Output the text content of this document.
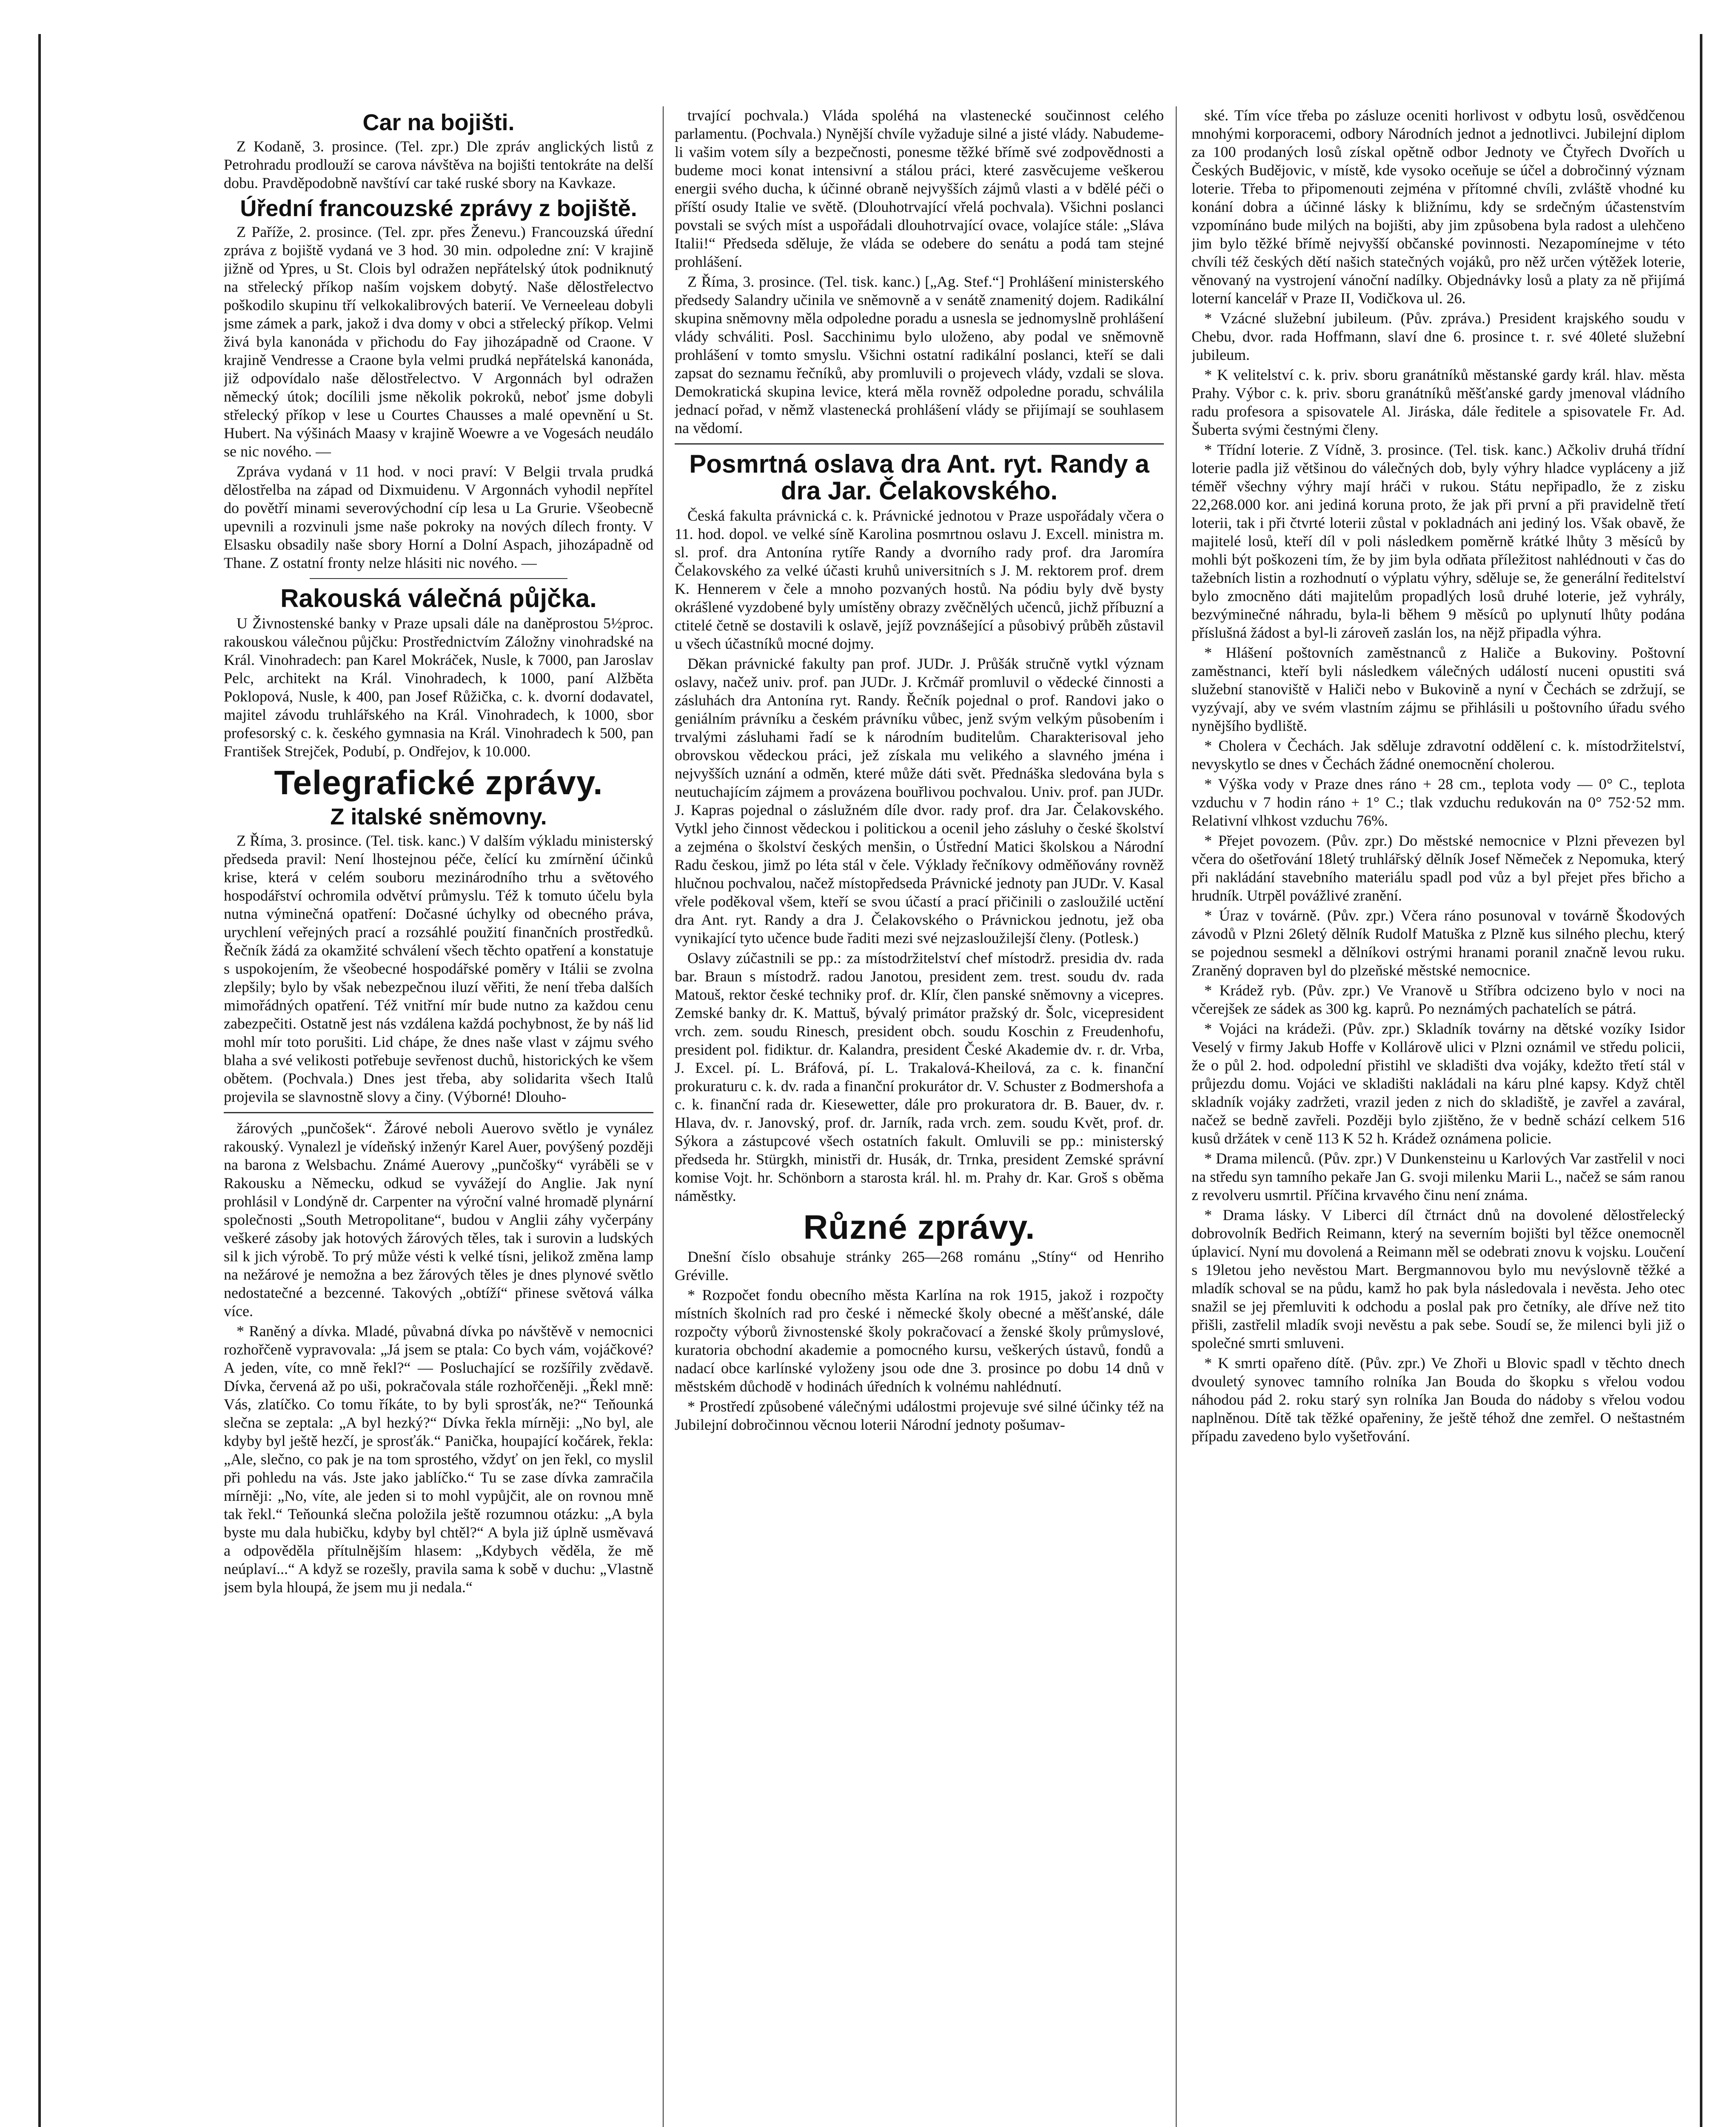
Car na bojišti.

Z Kodaně, 3. prosince. (Tel. zpr.) Dle zpráv anglických listů z Petrohradu prodlouží se carova návštěva na bojišti tentokráte na delší dobu. Pravděpodobně navštíví car také ruské sbory na Kavkaze.

Úřední francouzské zprávy z bojiště.

Z Paříže, 2. prosince. (Tel. zpr. přes Ženevu.) Francouzská úřední zpráva z bojiště vydaná ve 3 hod. 30 min. odpoledne zní: V krajině jižně od Ypres, u St. Clois byl odražen nepřátelský útok podniknutý na střelecký příkop naším vojskem dobytý. Naše dělostřelectvo poškodilo skupinu tří velkokalibrových baterií. Ve Verneeleau dobyli jsme zámek a park, jakož i dva domy v obci a střelecký příkop. Velmi živá byla kanonáda v přichodu do Fay jihozápadně od Craone. V krajině Vendresse a Craone byla velmi prudká nepřátelská kanonáda, již odpovídalo naše dělostřelectvo. V Argonnách byl odražen německý útok; docílili jsme několik pokroků, neboť jsme dobyli střelecký příkop v lese u Courtes Chausses a malé opevnění u St. Hubert. Na výšinách Maasy v krajině Woewre a ve Vogesách neudálo se nic nového. —

Zpráva vydaná v 11 hod. v noci praví: V Belgii trvala prudká dělostřelba na západ od Dixmuidenu. V Argonnách vyhodil nepřítel do povětří minami severovýchodní cíp lesa u La Grurie. Všeobecně upevnili a rozvinuli jsme naše pokroky na nových dílech fronty. V Elsasku obsadily naše sbory Horní a Dolní Aspach, jihozápadně od Thane. Z ostatní fronty nelze hlásiti nic nového. —

Rakouská válečná půjčka.

U Živnostenské banky v Praze upsali dále na daněprostou 5½proc. rakouskou válečnou půjčku: Prostřednictvím Záložny vinohradské na Král. Vinohradech: pan Karel Mokráček, Nusle, k 7000, pan Jaroslav Pelc, architekt na Král. Vinohradech, k 1000, paní Alžběta Poklopová, Nusle, k 400, pan Josef Růžička, c. k. dvorní dodavatel, majitel závodu truhlářského na Král. Vinohradech, k 1000, sbor profesorský c. k. českého gymnasia na Král. Vinohradech k 500, pan František Strejček, Podubí, p. Ondřejov, k 10.000.

Telegrafické zprávy.
Z italské sněmovny.

Z Říma, 3. prosince. (Tel. tisk. kanc.) V dalším výkladu ministerský předseda pravil: Není lhostejnou péče, čelící ku zmírnění účinků krise, která v celém souboru mezinárodního trhu a světového hospodářství ochromila odvětví průmyslu. Též k tomuto účelu byla nutna výminečná opatření: Dočasné úchylky od obecného práva, urychlení veřejných prací a rozsáhlé použití finančních prostředků. Řečník žádá za okamžité schválení všech těchto opatření a konstatuje s uspokojením, že všeobecné hospodářské poměry v Itálii se zvolna zlepšily; bylo by však nebezpečnou iluzí věřiti, že není třeba dalších mimořádných opatření. Též vnitřní mír bude nutno za každou cenu zabezpečiti. Ostatně jest nás vzdálena každá pochybnost, že by náš lid mohl mír toto porušiti. Lid chápe, že dnes naše vlast v zájmu svého blaha a své velikosti potřebuje sevřenost duchů, historických ke všem obětem. (Pochvala.) Dnes jest třeba, aby solidarita všech Italů projevila se slavnostně slovy a činy. (Výborné! Dlouho-

žárových „punčošek“. Žárové neboli Auerovo světlo je vynález rakouský. Vynalezl je vídeňský inženýr Karel Auer, povýšený později na barona z Welsbachu. Známé Auerovy „punčošky“ vyráběli se v Rakousku a Německu, odkud se vyvážejí do Anglie. Jak nyní prohlásil v Londýně dr. Carpenter na výroční valné hromadě plynární společnosti „South Metropolitane“, budou v Anglii záhy vyčerpány veškeré zásoby jak hotových žárových těles, tak i surovin a ludských sil k jich výrobě. To prý může vésti k velké tísni, jelikož změna lamp na nežárové je nemožna a bez žárových těles je dnes plynové světlo nedostatečné a bezcenné. Takových „obtíží“ přinese světová válka více.

* Raněný a dívka. Mladé, půvabná dívka po návštěvě v nemocnici rozhořčeně vypravovala: „Já jsem se ptala: Co bych vám, vojáčkové? A jeden, víte, co mně řekl?“ — Posluchající se rozšířily zvědavě. Dívka, červená až po uši, pokračovala stále rozhořčeněji. „Řekl mně: Vás, zlatíčko. Co tomu říkáte, to by byli sprosťák, ne?“ Teňounká slečna se zeptala: „A byl hezký?“ Dívka řekla mírněji: „No byl, ale kdyby byl ještě hezčí, je sprosťák.“ Panička, houpající kočárek, řekla: „Ale, slečno, co pak je na tom sprostého, vždyť on jen řekl, co myslil při pohledu na vás. Jste jako jablíčko.“ Tu se zase dívka zamračila mírněji: „No, víte, ale jeden si to mohl vypůjčit, ale on rovnou mně tak řekl.“ Teňounká slečna položila ještě rozumnou otázku: „A byla byste mu dala hubičku, kdyby byl chtěl?“ A byla již úplně usměvavá a odpověděla přítulnějším hlasem: „Kdybych věděla, že mě neúplaví...“ A když se rozešly, pravila sama k sobě v duchu: „Vlastně jsem byla hloupá, že jsem mu ji nedala.“

trvající pochvala.) Vláda spoléhá na vlastenecké součinnost celého parlamentu. (Pochvala.) Nynější chvíle vyžaduje silné a jisté vlády. Nabudeme-li vašim votem síly a bezpečnosti, ponesme těžké břímě své zodpovědnosti a budeme moci konat intensivní a stálou práci, které zasvěcujeme veškerou energii svého ducha, k účinné obraně nejvyšších zájmů vlasti a v bdělé péči o příští osudy Italie ve světě. (Dlouhotrvající vřelá pochvala). Všichni poslanci povstali se svých míst a uspořádali dlouhotrvající ovace, volajíce stále: „Sláva Italii!“ Předseda sděluje, že vláda se odebere do senátu a podá tam stejné prohlášení.

Z Říma, 3. prosince. (Tel. tisk. kanc.) [„Ag. Stef.“] Prohlášení ministerského předsedy Salandry učinila ve sněmovně a v senátě znamenitý dojem. Radikální skupina sněmovny měla odpoledne poradu a usnesla se jednomyslně prohlášení vlády schváliti. Posl. Sacchinimu bylo uloženo, aby podal ve sněmovně prohlášení v tomto smyslu. Všichni ostatní radikální poslanci, kteří se dali zapsat do seznamu řečníků, aby promluvili o projevech vlády, vzdali se slova. Demokratická skupina levice, která měla rovněž odpoledne poradu, schválila jednací pořad, v němž vlastenecká prohlášení vlády se přijímají se souhlasem na vědomí.

Posmrtná oslava dra Ant. ryt. Randy a dra Jar. Čelakovského.

Česká fakulta právnická c. k. Právnické jednotou v Praze uspořádaly včera o 11. hod. dopol. ve velké síně Karolina posmrtnou oslavu J. Excell. ministra m. sl. prof. dra Antonína rytíře Randy a dvorního rady prof. dra Jaromíra Čelakovského za velké účasti kruhů universitních s J. M. rektorem prof. drem K. Hennerem v čele a mnoho pozvaných hostů. Na pódiu byly dvě bysty okrášlené vyzdobené byly umístěny obrazy zvěčnělých učenců, jichž příbuzní a ctitelé četně se dostavili k oslavě, jejíž povznášející a působivý průběh zůstavil u všech účastníků mocné dojmy.

Děkan právnické fakulty pan prof. JUDr. J. Průšák stručně vytkl význam oslavy, načež univ. prof. pan JUDr. J. Krčmář promluvil o vědecké činnosti a zásluhách dra Antonína ryt. Randy. Řečník pojednal o prof. Randovi jako o geniálním právníku a českém právníku vůbec, jenž svým velkým působením i trvalými zásluhami řadí se k národním buditelům. Charakterisoval jeho obrovskou vědeckou práci, jež získala mu velikého a slavného jména i nejvyšších uznání a odměn, které může dáti svět. Přednáška sledována byla s neutuchajícím zájmem a provázena bouřlivou pochvalou. Univ. prof. pan JUDr. J. Kapras pojednal o záslužném díle dvor. rady prof. dra Jar. Čelakovského. Vytkl jeho činnost vědeckou i politickou a ocenil jeho zásluhy o české školství a zejména o školství českých menšin, o Ústřední Matici školskou a Národní Radu českou, jimž po léta stál v čele. Výklady řečníkovy odměňovány rovněž hlučnou pochvalou, načež místopředseda Právnické jednoty pan JUDr. V. Kasal vřele poděkoval všem, kteří se svou účastí a prací přičinili o zasloužilé uctění dra Ant. ryt. Randy a dra J. Čelakovského o Právnickou jednotu, jež oba vynikající tyto učence bude řaditi mezi své nejzasloužilejší členy. (Potlesk.)

Oslavy zúčastnili se pp.: za místodržitelství chef místodrž. presidia dv. rada bar. Braun s místodrž. radou Janotou, president zem. trest. soudu dv. rada Matouš, rektor české techniky prof. dr. Klír, člen panské sněmovny a vicepres. Zemské banky dr. K. Mattuš, bývalý primátor pražský dr. Šolc, vicepresident vrch. zem. soudu Rinesch, president obch. soudu Koschin z Freudenhofu, president pol. fidiktur. dr. Kalandra, president České Akademie dv. r. dr. Vrba, J. Excel. pí. L. Bráfová, pí. L. Trakalová-Kheilová, za c. k. finanční prokuraturu c. k. dv. rada a finanční prokurátor dr. V. Schuster z Bodmershofa a c. k. finanční rada dr. Kiesewetter, dále pro prokuratora dr. B. Bauer, dv. r. Hlava, dv. r. Janovský, prof. dr. Jarník, rada vrch. zem. soudu Květ, prof. dr. Sýkora a zástupcové všech ostatních fakult. Omluvili se pp.: ministerský předseda hr. Stürgkh, ministři dr. Husák, dr. Trnka, president Zemské správní komise Vojt. hr. Schönborn a starosta král. hl. m. Prahy dr. Kar. Groš s oběma náměstky.

Různé zprávy.

Dnešní číslo obsahuje stránky 265—268 románu „Stíny“ od Henriho Gréville.

* Rozpočet fondu obecního města Karlína na rok 1915, jakož i rozpočty místních školních rad pro české i německé školy obecné a měšťanské, dále rozpočty výborů živnostenské školy pokračovací a ženské školy průmyslové, kuratoria obchodní akademie a pomocného kursu, veškerých ústavů, fondů a nadací obce karlínské vyloženy jsou ode dne 3. prosince po dobu 14 dnů v městském důchodě v hodinách úředních k volnému nahlédnutí.

* Prostředí způsobené válečnými událostmi projevuje své silné účinky též na Jubilejní dobročinnou věcnou loterii Národní jednoty pošumav-

ské. Tím více třeba po zásluze oceniti horlivost v odbytu losů, osvědčenou mnohými korporacemi, odbory Národních jednot a jednotlivci. Jubilejní diplom za 100 prodaných losů získal opětně odbor Jednoty ve Čtyřech Dvořích u Českých Budějovic, v místě, kde vysoko oceňuje se účel a dobročinný význam loterie. Třeba to připomenouti zejména v přítomné chvíli, zvláště vhodné ku konání dobra a účinné lásky k bližnímu, kdy se srdečným účastenstvím vzpomínáno bude milých na bojišti, aby jim způsobena byla radost a ulehčeno jim bylo těžké břímě nejvyšší občanské povinnosti. Nezapomínejme v této chvíli též českých dětí našich statečných vojáků, pro něž určen výtěžek loterie, věnovaný na vystrojení vánoční nadílky. Objednávky losů a platy za ně přijímá loterní kancelář v Praze II, Vodičkova ul. 26.

* Vzácné služební jubileum. (Pův. zpráva.) President krajského soudu v Chebu, dvor. rada Hoffmann, slaví dne 6. prosince t. r. své 40leté služební jubileum.

* K velitelství c. k. priv. sboru granátníků městanské gardy král. hlav. města Prahy. Výbor c. k. priv. sboru granátníků měšťanské gardy jmenoval vládního radu profesora a spisovatele Al. Jiráska, dále ředitele a spisovatele Fr. Ad. Šuberta svými čestnými členy.

* Třídní loterie. Z Vídně, 3. prosince. (Tel. tisk. kanc.) Ačkoliv druhá třídní loterie padla již většinou do válečných dob, byly výhry hladce vypláceny a již téměř všechny výhry mají hráči v rukou. Státu nepřipadlo, že z zisku 22,268.000 kor. ani jediná koruna proto, že jak při první a při pravidelně třetí loterii, tak i při čtvrté loterii zůstal v pokladnách ani jediný los. Však obavě, že majitelé losů, kteří díl v poli následkem poměrně krátké lhůty 3 měsíců by mohli být poškozeni tím, že by jim byla odňata příležitost nahlédnouti v čas do tažebních listin a rozhodnutí o výplatu výhry, sděluje se, že generální ředitelství bylo zmocněno dáti majitelům propadlých losů druhé loterie, jež vyhrály, bezvýminečné náhradu, byla-li během 9 měsíců po uplynutí lhůty podána příslušná žádost a byl-li zároveň zaslán los, na nějž připadla výhra.

* Hlášení poštovních zaměstnanců z Haliče a Bukoviny. Poštovní zaměstnanci, kteří byli následkem válečných událostí nuceni opustiti svá služební stanoviště v Haliči nebo v Bukovině a nyní v Čechách se zdržují, se vyzývají, aby ve svém vlastním zájmu se přihlásili u poštovního úřadu svého nynějšího bydliště.

* Cholera v Čechách. Jak sděluje zdravotní oddělení c. k. místodržitelství, nevyskytlo se dnes v Čechách žádné onemocnění cholerou.

* Výška vody v Praze dnes ráno + 28 cm., teplota vody — 0° C., teplota vzduchu v 7 hodin ráno + 1° C.; tlak vzduchu redukován na 0° 752·52 mm. Relativní vlhkost vzduchu 76%.

* Přejet povozem. (Pův. zpr.) Do městské nemocnice v Plzni převezen byl včera do ošetřování 18letý truhlářský dělník Josef Němeček z Nepomuka, který při nakládání stavebního materiálu spadl pod vůz a byl přejet přes břicho a hrudník. Utrpěl povážlivé zranění.

* Úraz v továrně. (Pův. zpr.) Včera ráno posunoval v továrně Škodových závodů v Plzni 26letý dělník Rudolf Matuška z Plzně kus silného plechu, který se pojednou sesmekl a dělníkovi ostrými hranami poranil značně levou ruku. Zraněný dopraven byl do plzeňské městské nemocnice.

* Krádež ryb. (Pův. zpr.) Ve Vranově u Stříbra odcizeno bylo v noci na včerejšek ze sádek as 300 kg. kaprů. Po neznámých pachatelích se pátrá.

* Vojáci na krádeži. (Pův. zpr.) Skladník továrny na dětské vozíky Isidor Veselý v firmy Jakub Hoffe v Kollárově ulici v Plzni oznámil ve středu policii, že o půl 2. hod. odpolední přistihl ve skladišti dva vojáky, kdežto třetí stál v průjezdu domu. Vojáci ve skladišti nakládali na káru plné kapsy. Když chtěl skladník vojáky zadržeti, vrazil jeden z nich do skladiště, je zavřel a zaváral, načež se bedně zavřeli. Později bylo zjištěno, že v bedně schází celkem 516 kusů držátek v ceně 113 K 52 h. Krádež oznámena policie.

* Drama milenců. (Pův. zpr.) V Dunkensteinu u Karlových Var zastřelil v noci na středu syn tamního pekaře Jan G. svoji milenku Marii L., načež se sám ranou z revolveru usmrtil. Příčina krvavého činu není známa.

* Drama lásky. V Liberci díl čtrnáct dnů na dovolené dělostřelecký dobrovolník Bedřich Reimann, který na severním bojišti byl těžce onemocněl úplavicí. Nyní mu dovolená a Reimann měl se odebrati znovu k vojsku. Loučení s 19letou jeho nevěstou Mart. Bergmannovou bylo mu nevýslovně těžké a mladík schoval se na půdu, kamž ho pak byla následovala i nevěsta. Jeho otec snažil se jej přemluviti k odchodu a poslal pak pro četníky, ale dříve než tito přišli, zastřelil mladík svoji nevěstu a pak sebe. Soudí se, že milenci byli již o společné smrti smluveni.

* K smrti opařeno dítě. (Pův. zpr.) Ve Zhoři u Blovic spadl v těchto dnech dvouletý synovec tamního rolníka Jan Bouda do škopku s vřelou vodou náhodou pád 2. roku starý syn rolníka Jan Bouda do nádoby s vřelou vodou naplněnou. Dítě tak těžké opařeniny, že ještě téhož dne zemřel. O neštastném případu zavedeno bylo vyšetřování.
